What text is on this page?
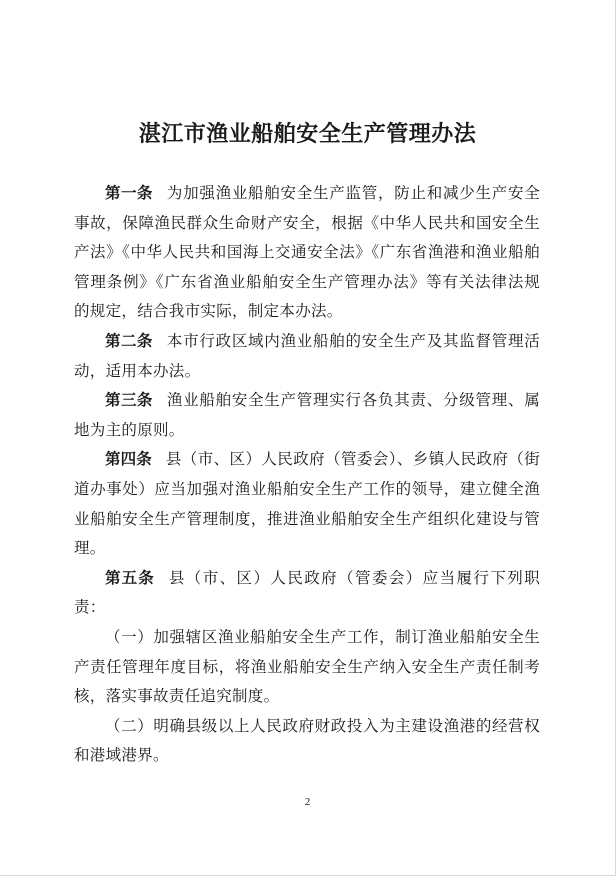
湛江市渔业船舶安全生产管理办法

第一条 为加强渔业船舶安全生产监管，防止和减少生产安全事故，保障渔民群众生命财产安全，根据《中华人民共和国安全生产法》《中华人民共和国海上交通安全法》《广东省渔港和渔业船舶管理条例》《广东省渔业船舶安全生产管理办法》等有关法律法规的规定，结合我市实际，制定本办法。

第二条 本市行政区域内渔业船舶的安全生产及其监督管理活动，适用本办法。

第三条 渔业船舶安全生产管理实行各负其责、分级管理、属地为主的原则。

第四条 县（市、区）人民政府（管委会）、乡镇人民政府（街道办事处）应当加强对渔业船舶安全生产工作的领导，建立健全渔业船舶安全生产管理制度，推进渔业船舶安全生产组织化建设与管理。

第五条 县（市、区）人民政府（管委会）应当履行下列职责：

（一）加强辖区渔业船舶安全生产工作，制订渔业船舶安全生产责任管理年度目标，将渔业船舶安全生产纳入安全生产责任制考核，落实事故责任追究制度。

（二）明确县级以上人民政府财政投入为主建设渔港的经营权和港域港界。

2
